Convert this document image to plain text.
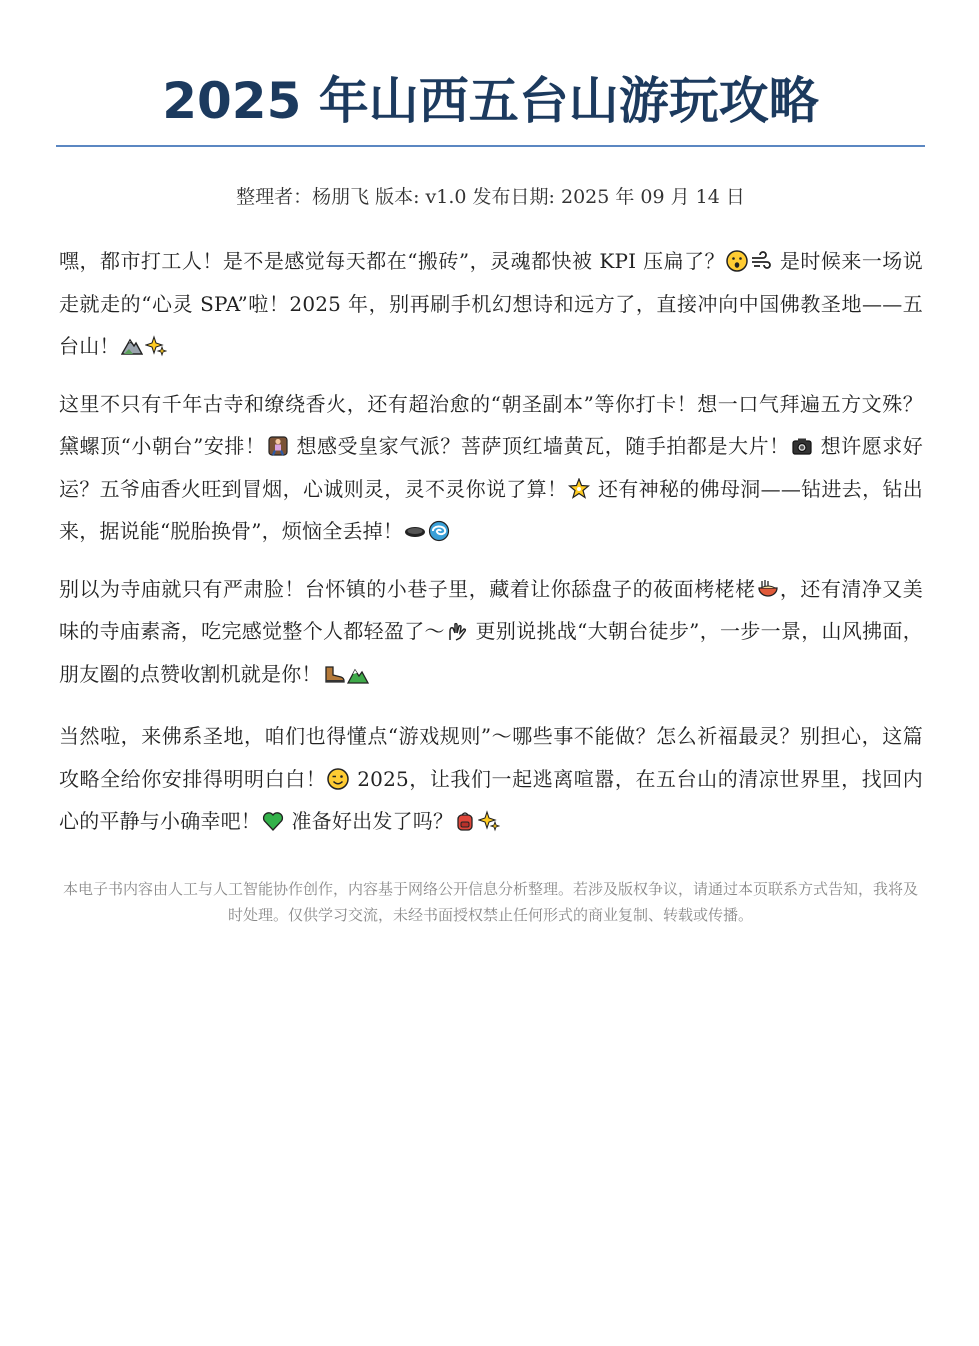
2025 年山西五台山游玩攻略
整理者：杨朋飞 版本: v1.0 发布日期: 2025 年 09 月 14 日

嘿，都市打工人！是不是感觉每天都在“搬砖”，灵魂都快被 KPI 压扁了？
是时候来一场说走就走的“心灵 SPA”啦！2025 年，别再刷手机幻想诗和远方了，直接冲向中国佛教圣地——五台山！

这里不只有千年古寺和缭绕香火，还有超治愈的“朝圣副本”等你打卡！想一口气拜遍五方文殊？黛螺顶“小朝台”安排！
想感受皇家气派？菩萨顶红墙黄瓦，随手拍都是大片！
想许愿求好运？五爷庙香火旺到冒烟，心诚则灵，灵不灵你说了算！
还有神秘的佛母洞——钻进去，钻出来，据说能“脱胎换骨”，烦恼全丢掉！

别以为寺庙就只有严肃脸！台怀镇的小巷子里，藏着让你舔盘子的莜面栲栳栳 ，还有清净又美味的寺庙素斋，吃完感觉整个人都轻盈了～
更别说挑战“大朝台徒步”，一步一景，山风拂面，朋友圈的点赞收割机就是你！

当然啦，来佛系圣地，咱们也得懂点“游戏规则”～哪些事不能做？怎么祈福最灵？别担心，这篇攻略全给你安排得明明白白！
2025，让我们一起逃离喧嚣，在五台山的清凉世界里，找回内心的平静与小确幸吧！
准备好出发了吗？

本电子书内容由人工与人工智能协作创作，内容基于网络公开信息分析整理。若涉及版权争议，请通过本页联系方式告知，我将及时处理。仅供学习交流，未经书面授权禁止任何形式的商业复制、转载或传播。
